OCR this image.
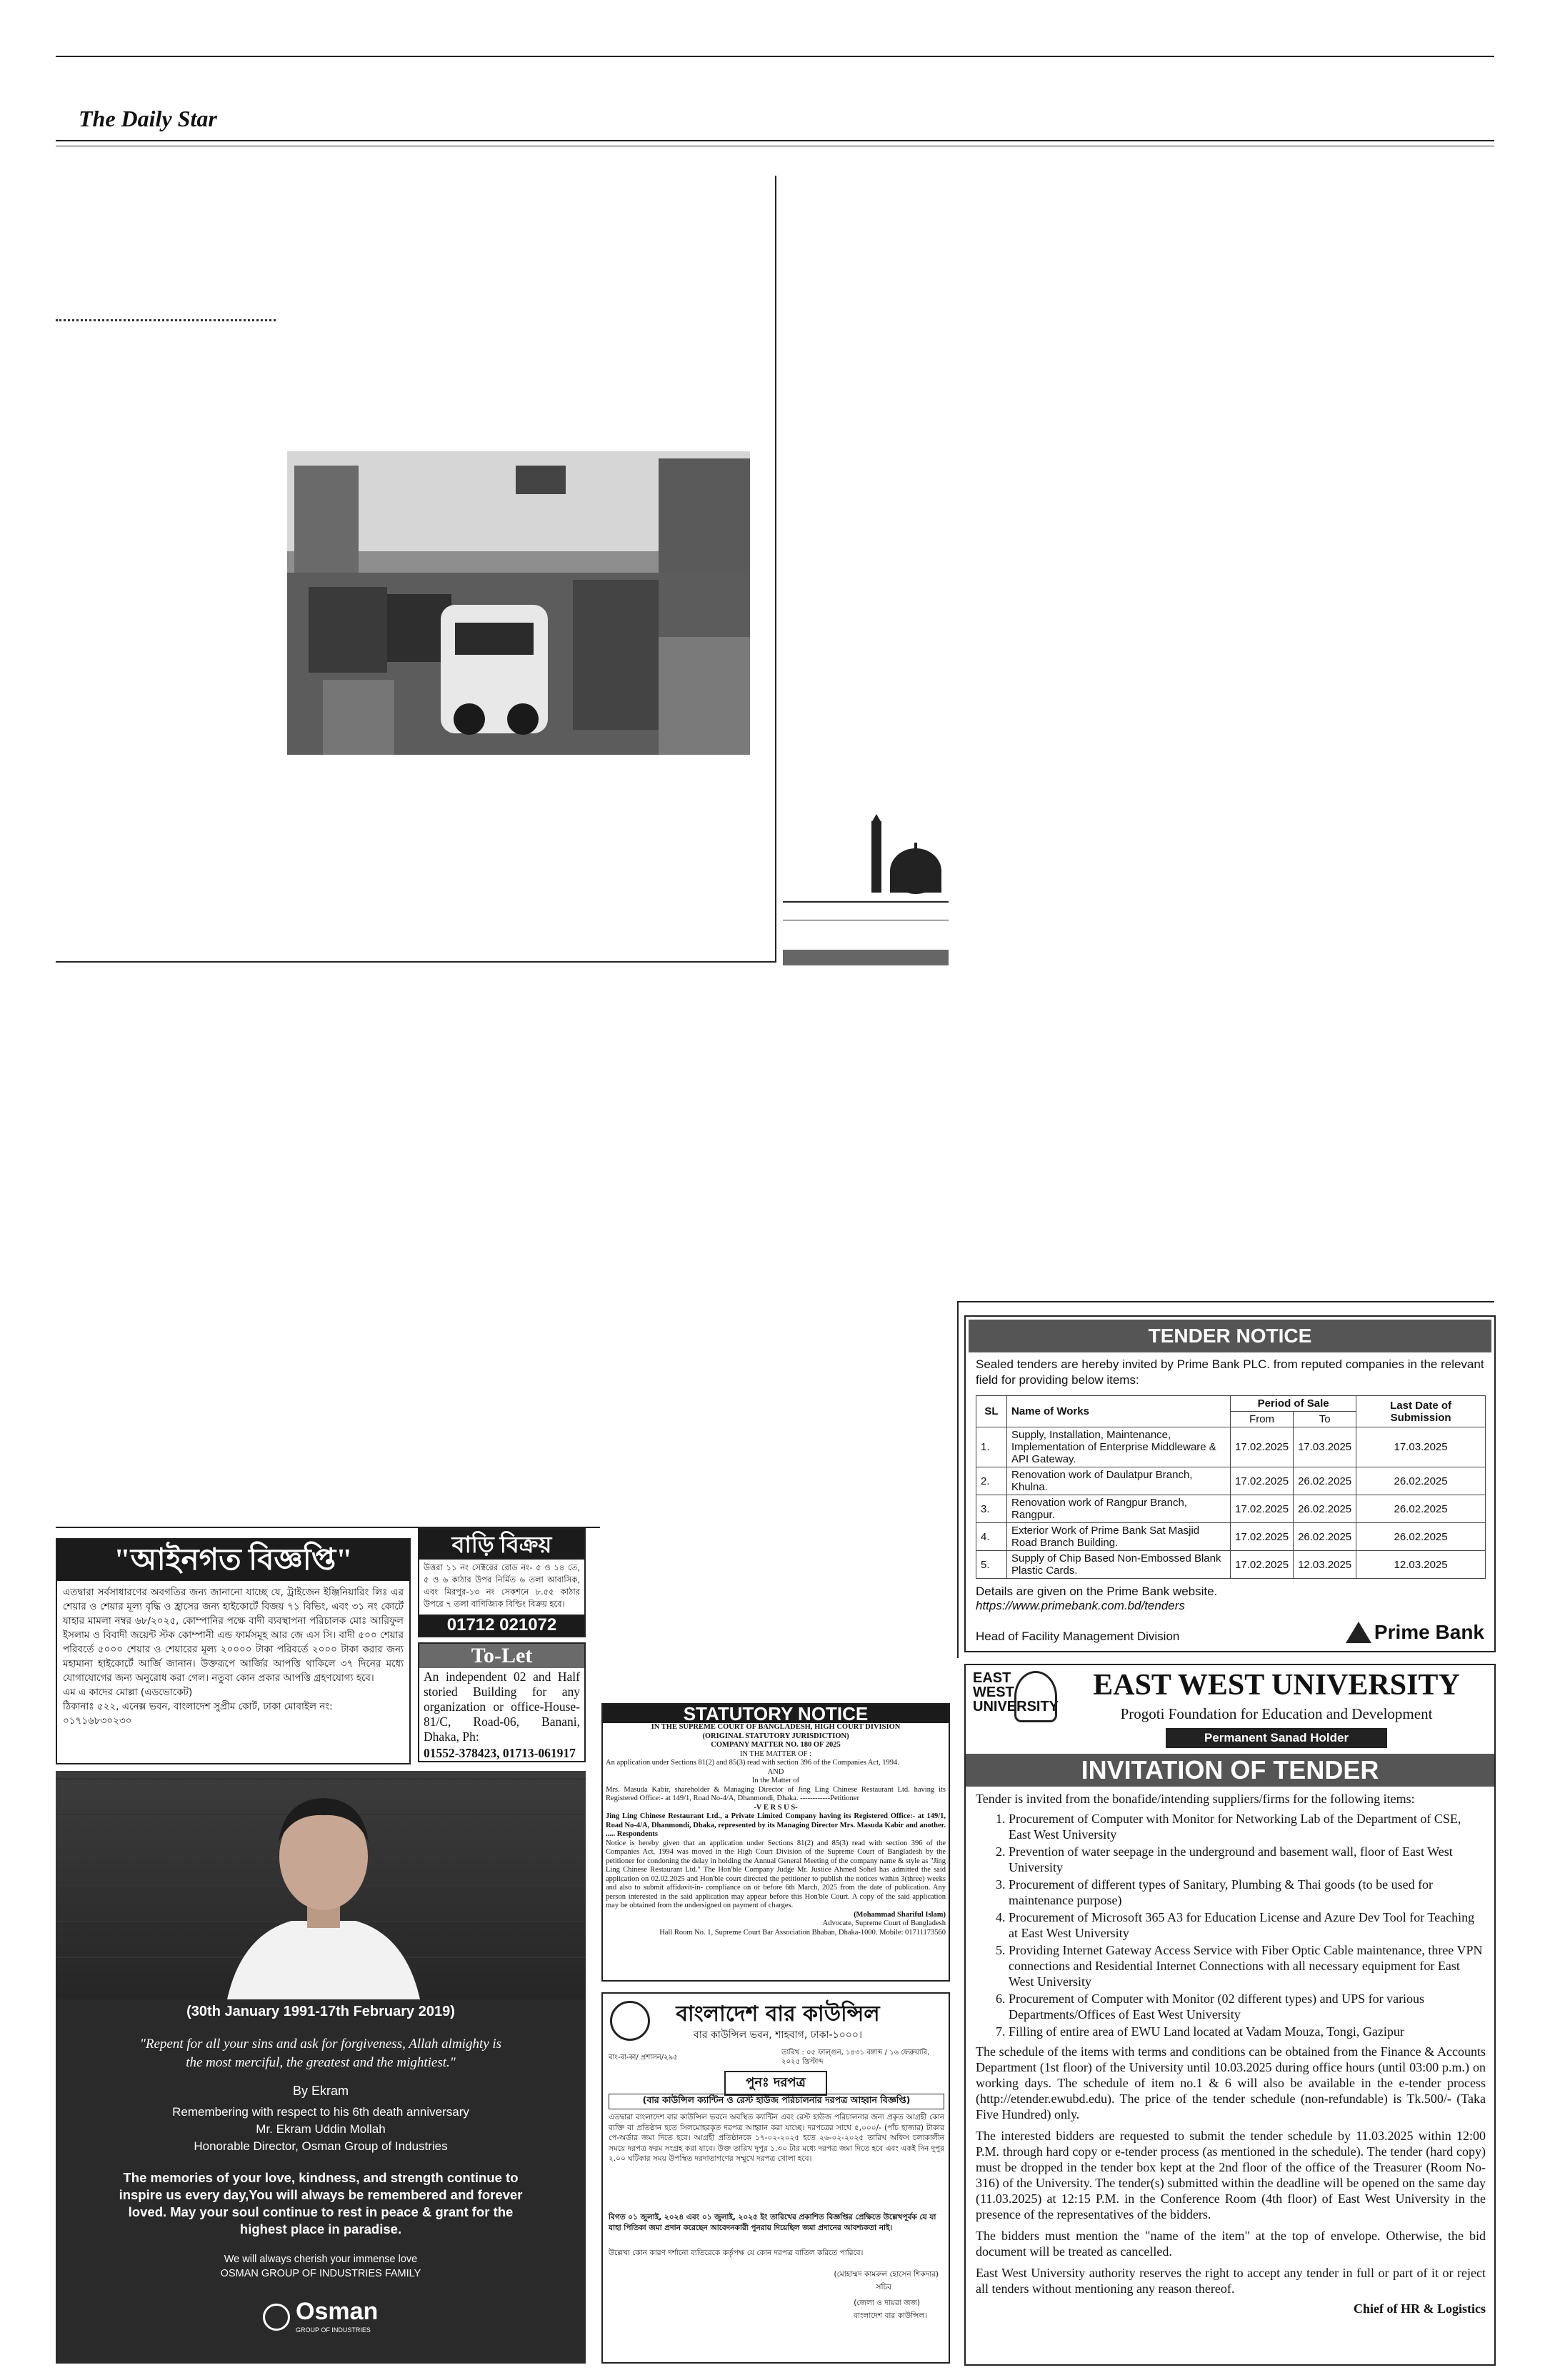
The Daily Star
"আইনগত বিজ্ঞপ্তি"
এতদ্বারা সর্বসাধারণের অবগতির জন্য জানানো যাচ্ছে যে, ট্রাইজেন ইঞ্জিনিয়ারিং লিঃ এর শেয়ার ও শেয়ার মূল্য বৃদ্ধি ও হ্রাসের জন্য হাইকোর্টে বিজয় ৭১ বিভিং, এবং ৩১ নং কোর্টে যাহার মামলা নম্বর ৬৮/২০২৫, কোম্পানির পক্ষে বাদী ব্যবস্থাপনা পরিচালক মোঃ আরিফুল ইসলাম ও বিবাদী জয়েন্ট স্টক কোম্পানী এন্ড ফার্মসমূহ আর জে এস সি। বাদী ৫০০ শেয়ার পরিবর্তে ৫০০০ শেয়ার ও শেয়ারের মূল্য ২০০০০ টাকা পরিবর্তে ২০০০ টাকা করার জন্য মহামান্য হাইকোর্টে আর্জি জানান। উক্তরূপে আর্জির আপত্তি থাকিলে ৩৭ দিনের মধ্যে যোগাযোগের জন্য অনুরোধ করা গেল। নতুবা কোন প্রকার আপত্তি গ্রহণযোগ্য হবে।
এম এ কাদের মোল্লা (এডভোকেট)
ঠিকানাঃ ৫২২, এনেক্স ভবন, বাংলাদেশ সুপ্রীম কোর্ট, ঢাকা মোবাইল নং: ০১৭১৬৮৩০২৩০
বাড়ি বিক্রয়
উত্তরা ১১ নং সেক্টরের রোড নং- ৫ ও ১৪ তে, ৫ ও ৬ কাঠার উপর নির্মিত ৬ তলা আবাসিক, এবং মিরপুর-১৩ নং সেকশনে ৮.৫৫ কাঠার উপরে ৭ তলা বাণিজ্যিক বিল্ডিং বিক্রয় হবে।
01712 021072
To-Let
An independent 02 and Half storied Building for any organization or office-House-81/C, Road-06, Banani, Dhaka, Ph:
01552-378423, 01713-061917
(30th January 1991-17th February 2019)
"Repent for all your sins and ask for forgiveness, Allah almighty is the most merciful, the greatest and the mightiest."
By Ekram
Remembering with respect to his 6th death anniversary
Mr. Ekram Uddin Mollah
Honorable Director, Osman Group of Industries
The memories of your love, kindness, and strength continue to inspire us every day,You will always be remembered and forever loved. May your soul continue to rest in peace & grant for the highest place in paradise.
We will always cherish your immense love
OSMAN GROUP OF INDUSTRIES FAMILY
Osman
GROUP OF INDUSTRIES
STATUTORY NOTICE
IN THE SUPREME COURT OF BANGLADESH, HIGH COURT DIVISION
(ORIGINAL STATUTORY JURISDICTION)
COMPANY MATTER NO. 180 OF 2025
IN THE MATTER OF :
An application under Sections 81(2) and 85(3) read with section 396 of the Companies Act, 1994.
AND
In the Matter of
Mrs. Masuda Kabir, shareholder & Managing Director of Jing Ling Chinese Restaurant Ltd. having its Registered Office:- at 149/1, Road No-4/A, Dhanmondi, Dhaka. ------------Petitioner
-V E R S U S-
Jing Ling Chinese Restaurant Ltd., a Private Limited Company having its Registered Office:- at 149/1, Road No-4/A, Dhanmondi, Dhaka, represented by its Managing Director Mrs. Masuda Kabir and another. ..... Respondents
Notice is hereby given that an application under Sections 81(2) and 85(3) read with section 396 of the Companies Act, 1994 was moved in the High Court Division of the Supreme Court of Bangladesh by the petitioner for condoning the delay in holding the Annual General Meeting of the company name & style as "Jing Ling Chinese Restaurant Ltd." The Hon'ble Company Judge Mr. Justice Ahmed Sohel has admitted the said application on 02.02.2025 and Hon'ble court directed the petitioner to publish the notices within 3(three) weeks and also to submit affidavit-in- compliance on or before 6th March, 2025 from the date of publication. Any person interested in the said application may appear before this Hon'ble Court. A copy of the said application may be obtained from the undersigned on payment of charges.
(Mohammad Shariful Islam)
Advocate, Supreme Court of Bangladesh
Hall Room No. 1, Supreme Court Bar Association Bhaban, Dhaka-1000. Mobile: 01711173560
বাংলাদেশ বার কাউন্সিল
বার কাউন্সিল ভবন, শাহবাগ, ঢাকা-১০০০।
বাং-বা-কা/ প্রশাসন/২৯৫
তারিখ : ০৫ ফাল্গুন, ১৪৩১ বঙ্গাব্দ / ১৬ ফেব্রুয়ারি, ২০২৫ খ্রিস্টাব্দ
পুনঃ দরপত্র
(বার কাউন্সিল ক্যান্টিন ও রেস্ট হাউজ পরিচালনার দরপত্র আহ্বান বিজ্ঞপ্তি)
এতদ্বারা বাংলাদেশ বার কাউন্সিল ভবনে অবস্থিত ক্যান্টিন এবং রেস্ট হাউজ পরিচালনার জন্য প্রকৃত আগ্রহী কোন ব্যক্তি বা প্রতিষ্ঠান হতে সিলমোহরকৃত দরপত্র আহ্বান করা যাচ্ছে। দরপত্রের সাথে ৫,০০০/- (পাঁচ হাজার) টাকার পে-অর্ডার জমা দিতে হবে। আগ্রহী প্রতিষ্ঠানকে ১৭-০২-২০২৫ হতে ২৬-০২-২০২৫ তারিখ অফিস চলাকালীন সময়ে দরপত্র ফরম সংগ্রহ করা যাবে। উক্ত তারিখ দুপুর ১.৩০ টার মধ্যে দরপত্র জমা দিতে হবে এবং একই দিন দুপুর ২.০০ ঘটিকার সময় উপস্থিত দরদাতাগণের সম্মুখে দরপত্র খোলা হবে।
বিগত ০১ জুলাই, ২০২৪ এবং ০১ জুলাই, ২০২৫ ইং তারিখের প্রকাশিত বিজ্ঞপ্তির প্রেক্ষিতে উল্লেখপূর্বক যে যা যাহা পিতিকা জমা প্রদান করেছেন আবেদনকারী পুনরায় দিয়েছিল জমা প্রদানের আবশ্যকতা নাই।
উল্লেখ্য কোন কারণ দর্শানো ব্যতিরেকে কর্তৃপক্ষ যে কোন দরপত্র বাতিল করিতে পারিবে।
(মোহাম্মদ কামরুল হোসেন শিকদার)
সচিব
(জেলা ও দায়রা জজ)
বাংলাদেশ বার কাউন্সিল।
TENDER NOTICE
Sealed tenders are hereby invited by Prime Bank PLC. from reputed companies in the relevant field for providing below items:
SL	Name of Works	Period of Sale		Last Date of Submission
		From	To	
1.	Supply, Installation, Maintenance, Implementation of Enterprise Middleware & API Gateway.	17.02.2025	17.03.2025	17.03.2025
2.	Renovation work of Daulatpur Branch, Khulna.	17.02.2025	26.02.2025	26.02.2025
3.	Renovation work of Rangpur Branch, Rangpur.	17.02.2025	26.02.2025	26.02.2025
4.	Exterior Work of Prime Bank Sat Masjid Road Branch Building.	17.02.2025	26.02.2025	26.02.2025
5.	Supply of Chip Based Non-Embossed Blank Plastic Cards.	17.02.2025	12.03.2025	12.03.2025
Details are given on the Prime Bank website.
https://www.primebank.com.bd/tenders
Head of Facility Management Division	Prime Bank
EAST WEST UNIVERSITY
EAST WEST UNIVERSITY
Progoti Foundation for Education and Development
Permanent Sanad Holder
INVITATION OF TENDER
Tender is invited from the bonafide/intending suppliers/firms for the following items:
1. Procurement of Computer with Monitor for Networking Lab of the Department of CSE, East West University
2. Prevention of water seepage in the underground and basement wall, floor of East West University
3. Procurement of different types of Sanitary, Plumbing & Thai goods (to be used for maintenance purpose)
4. Procurement of Microsoft 365 A3 for Education License and Azure Dev Tool for Teaching at East West University
5. Providing Internet Gateway Access Service with Fiber Optic Cable maintenance, three VPN connections and Residential Internet Connections with all necessary equipment for East West University
6. Procurement of Computer with Monitor (02 different types) and UPS for various Departments/Offices of East West University
7. Filling of entire area of EWU Land located at Vadam Mouza, Tongi, Gazipur
The schedule of the items with terms and conditions can be obtained from the Finance & Accounts Department (1st floor) of the University until 10.03.2025 during office hours (until 03:00 p.m.) on working days. The schedule of item no.1 & 6 will also be available in the e-tender process (http://etender.ewubd.edu). The price of the tender schedule (non-refundable) is Tk.500/- (Taka Five Hundred) only.
The interested bidders are requested to submit the tender schedule by 11.03.2025 within 12:00 P.M. through hard copy or e-tender process (as mentioned in the schedule). The tender (hard copy) must be dropped in the tender box kept at the 2nd floor of the office of the Treasurer (Room No-316) of the University. The tender(s) submitted within the deadline will be opened on the same day (11.03.2025) at 12:15 P.M. in the Conference Room (4th floor) of East West University in the presence of the representatives of the bidders.
The bidders must mention the "name of the item" at the top of envelope. Otherwise, the bid document will be treated as cancelled.
East West University authority reserves the right to accept any tender in full or part of it or reject all tenders without mentioning any reason thereof.
Chief of HR & Logistics
